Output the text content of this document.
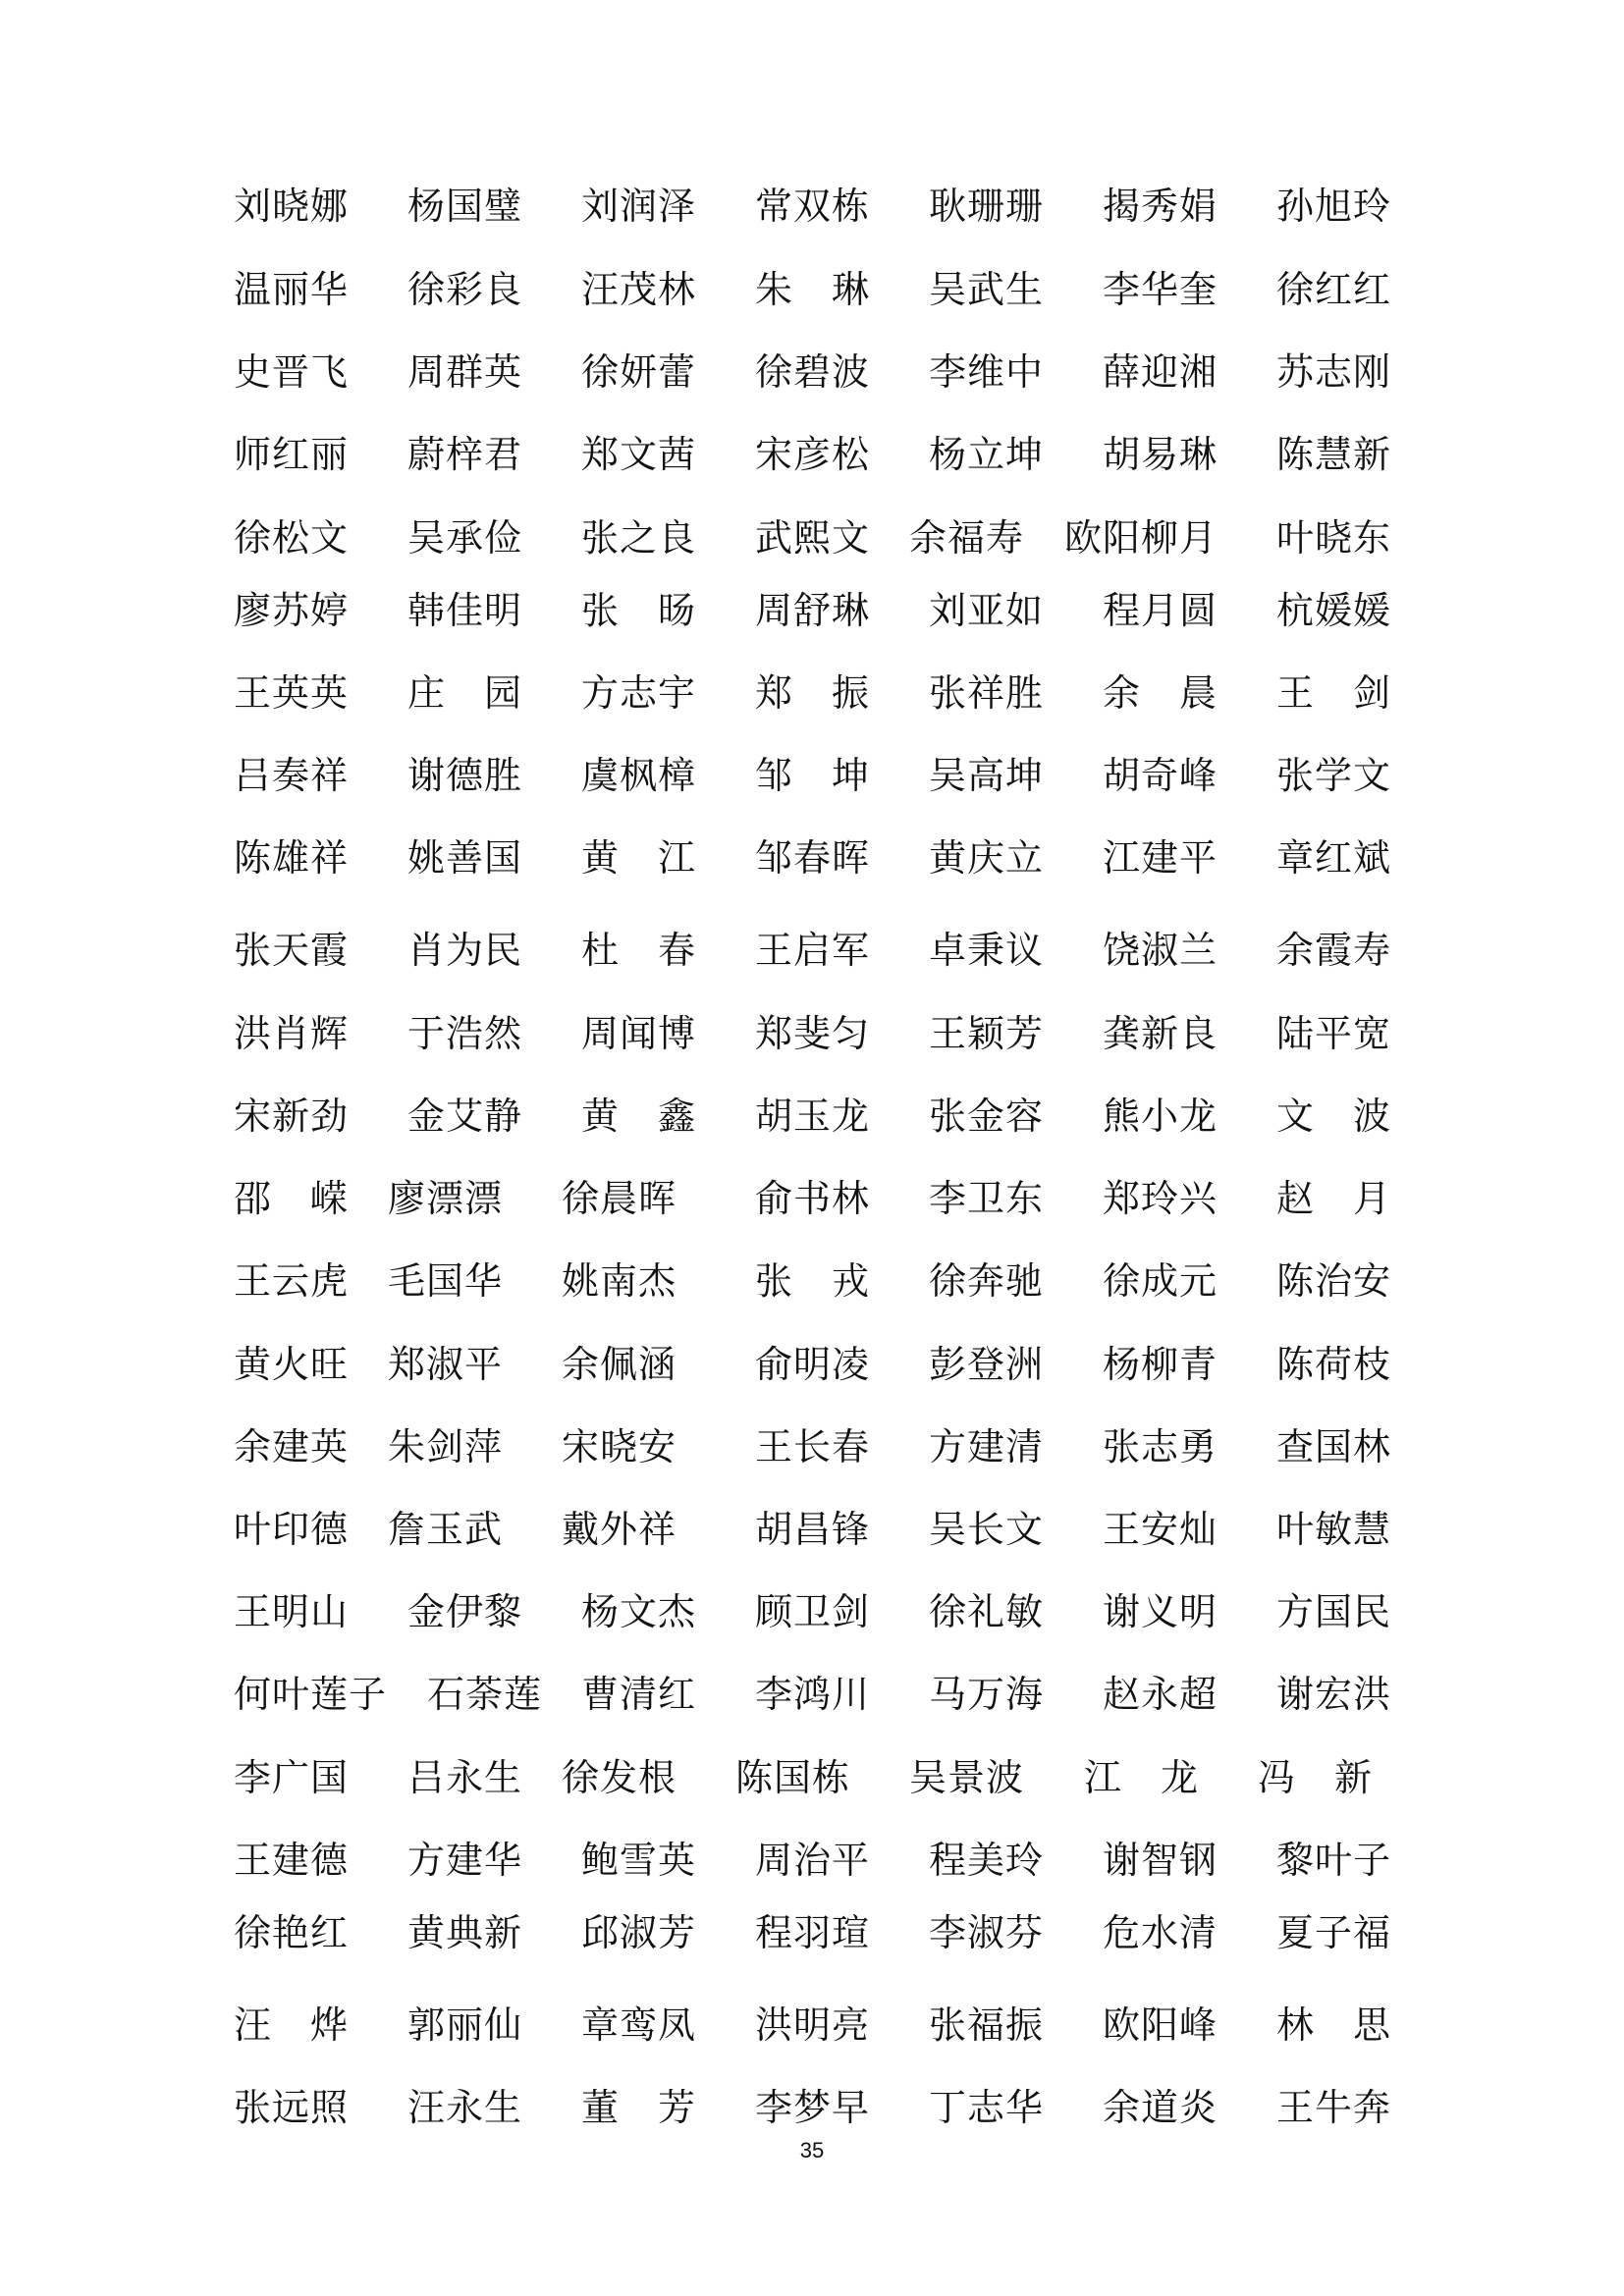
刘晓娜 杨国璧 刘润泽 常双栋 耿珊珊 揭秀娟 孙旭玲
温丽华 徐彩良 汪茂林 朱　琳 吴武生 李华奎 徐红红
史晋飞 周群英 徐妍蕾 徐碧波 李维中 薛迎湘 苏志刚
师红丽 蔚梓君 郑文茜 宋彦松 杨立坤 胡易琳 陈慧新
徐松文 吴承俭 张之良 武熙文 余福寿 欧阳柳月 叶晓东
廖苏婷 韩佳明 张　旸 周舒琳 刘亚如 程月圆 杭媛媛
王英英 庄　园 方志宇 郑　振 张祥胜 余　晨 王　剑
吕奏祥 谢德胜 虞枫樟 邹　坤 吴高坤 胡奇峰 张学文
陈雄祥 姚善国 黄　江 邹春晖 黄庆立 江建平 章红斌
张天霞 肖为民 杜　春 王启军 卓秉议 饶淑兰 余霞寿
洪肖辉 于浩然 周闻博 郑斐匀 王颖芳 龚新良 陆平宽
宋新劲 金艾静 黄　鑫 胡玉龙 张金容 熊小龙 文　波
邵　嵘 廖漂漂 徐晨晖 俞书林 李卫东 郑玲兴 赵　月
王云虎 毛国华 姚南杰 张　戎 徐奔驰 徐成元 陈治安
黄火旺 郑淑平 余佩涵 俞明凌 彭登洲 杨柳青 陈荷枝
余建英 朱剑萍 宋晓安 王长春 方建清 张志勇 查国林
叶印德 詹玉武 戴外祥 胡昌锋 吴长文 王安灿 叶敏慧
王明山 金伊黎 杨文杰 顾卫剑 徐礼敏 谢义明 方国民
何叶莲子 石荼莲 曹清红 李鸿川 马万海 赵永超 谢宏洪
李广国 吕永生 徐发根 陈国栋 吴景波 江　龙 冯　新
王建德 方建华 鲍雪英 周治平 程美玲 谢智钢 黎叶子
徐艳红 黄典新 邱淑芳 程羽瑄 李淑芬 危水清 夏子福
汪　烨 郭丽仙 章鸾凤 洪明亮 张福振 欧阳峰 林　思
张远照 汪永生 董　芳 李梦早 丁志华 余道炎 王牛奔
35
